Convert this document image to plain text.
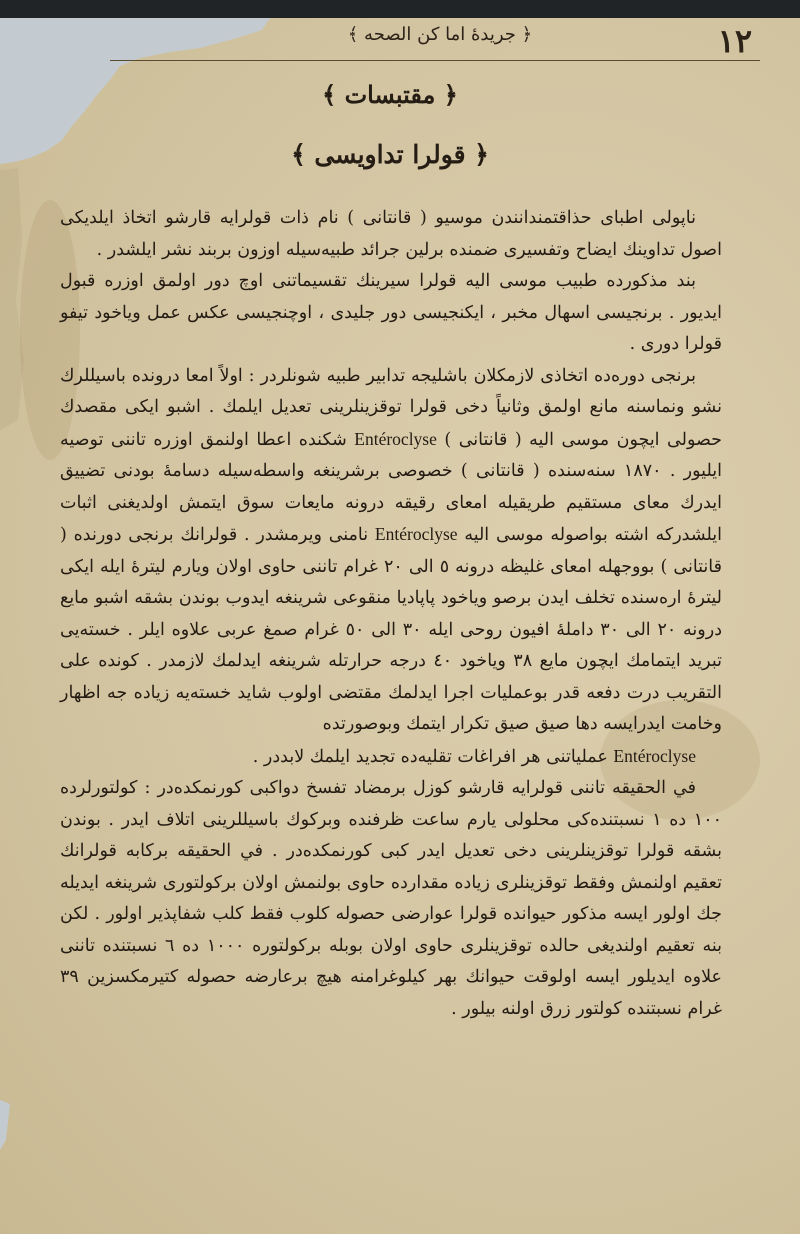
١٢
﴿ جريدهٔ اما كن الصحه ﴾
﴿ مقتبسات ﴾
﴿ قولرا تداويسى ﴾

ناپولى اطباى حذاقتمندانندن موسيو ( قانتانى ) نام ذات قولرايه قارشو اتخاذ ايلديكى اصول تداوينك ايضاح وتفسيرى ضمنده برلين جرائد طبيه‌سيله اوزون بربند نشر ايلشدر .

بند مذكورده طبيب موسى اليه قولرا سيرينك تقسيماتنى اوچ دور اولمق اوزره قبول ايديور . برنجيسى اسهال مخبر ، ايكنجيسى دور جليدى ، اوچنجيسى عكس عمل وياخود تيفو قولرا دورى .

برنجى دوره‌ده اتخاذى لازمكلان باشليجه تدابير طبيه شونلردر : اولاً امعا درونده باسيللرك نشو ونماسنه مانع اولمق وثانياً دخى قولرا توقزينلرينى تعديل ايلمك . اشبو ايكى مقصدك حصولى ايچون موسى اليه ( قانتانى ) Entéroclyse شكنده اعطا اولنمق اوزره تاننى توصيه ايليور . ١٨٧٠ سنه‌سنده ( قانتانى ) خصوصى برشرينغه واسطه‌سيله دسامهٔ بودنى تضييق ايدرك معاى مستقيم طريقيله امعاى رقيقه درونه مايعات سوق ايتمش اولديغنى اثبات ايلشدركه اشته بواصوله موسى اليه Entéroclyse نامنى ويرمشدر . قولرانك برنجى دورنده ( قانتانى ) بووجهله امعاى غليظه درونه ٥ الى ٢٠ غرام تاننى حاوى اولان ويارم ليترهٔ ايله ايكى ليترهٔ اره‌سنده تخلف ايدن برصو وياخود پاپاديا منقوعى شرينغه ايدوب بوندن بشقه اشبو مايع درونه ٢٠ الى ٣٠ داملهٔ افيون روحى ايله ٣٠ الى ٥٠ غرام صمغ عربى علاوه ايلر . خسته‌يى تبريد ايتمامك ايچون مايع ٣٨ وياخود ٤٠ درجه حرارتله شرينغه ايدلمك لازمدر . كونده على التقريب درت دفعه قدر بوعمليات اجرا ايدلمك مقتضى اولوب شايد خسته‌يه زياده جه اظهار وخامت ايدرايسه دها صيق صيق تكرار ايتمك وبوصورتده

Entéroclyse عملياتنى هر افراغات تقليه‌ده تجديد ايلمك لابددر .

في الحقيقه تاننى قولرايه قارشو كوزل برمضاد تفسخ دواكبى كورنمكده‌در : كولتورلرده ١٠٠ ده ١ نسبتنده‌كى محلولى يارم ساعت ظرفنده وبركوك باسيللرينى اتلاف ايدر . بوندن بشقه قولرا توقزينلرينى دخى تعديل ايدر كبى كورنمكده‌در . في الحقيقه بركابه قولرانك تعقيم اولنمش وفقط توقزينلرى زياده مقدارده حاوى بولنمش اولان بركولتورى شرينغه ايديله جك اولور ايسه مذكور حيوانده قولرا عوارضى حصوله كلوب فقط كلب شفاپذير اولور . لكن بنه تعقيم اولنديغى حالده توقزينلرى حاوى اولان بوبله بركولتوره ١٠٠٠ ده ٦ نسبتنده تاننى علاوه ايديلور ايسه اولوقت حيوانك بهر كيلوغرامنه هيچ برعارضه حصوله كتيرمكسزين ٣٩ غرام نسبتنده كولتور زرق اولنه بيلور .
